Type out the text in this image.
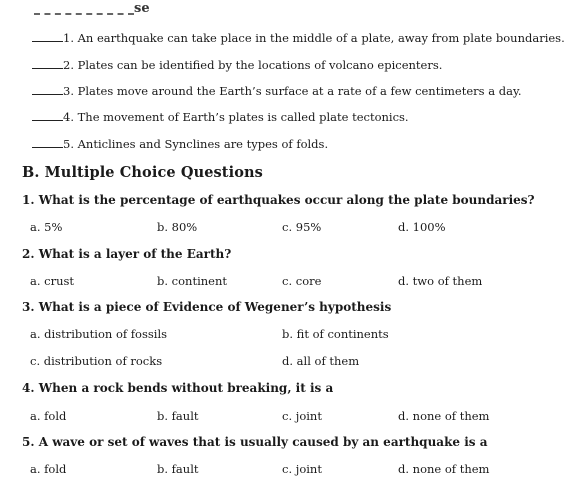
se
1. An earthquake can take place in the middle of a plate, away from plate boundaries.
2. Plates can be identified by the locations of volcano epicenters.
3. Plates move around the Earth’s surface at a rate of a few centimeters a day.
4. The movement of Earth’s plates is called plate tectonics.
5. Anticlines and Synclines are types of folds.
B. Multiple Choice Questions
1. What is the percentage of earthquakes occur along the plate boundaries?
a. 5%	b. 80%	c. 95%	d. 100%
2. What is a layer of the Earth?
a. crust	b. continent	c. core	d. two of them
3. What is a piece of Evidence of Wegener’s hypothesis
a. distribution of fossils	b. fit of continents
c. distribution of rocks	d. all of them
4. When a rock bends without breaking, it is a
a. fold	b. fault	c. joint	d. none of them
5. A wave or set of waves that is usually caused by an earthquake is a
a. fold	b. fault	c. joint	d. none of them
